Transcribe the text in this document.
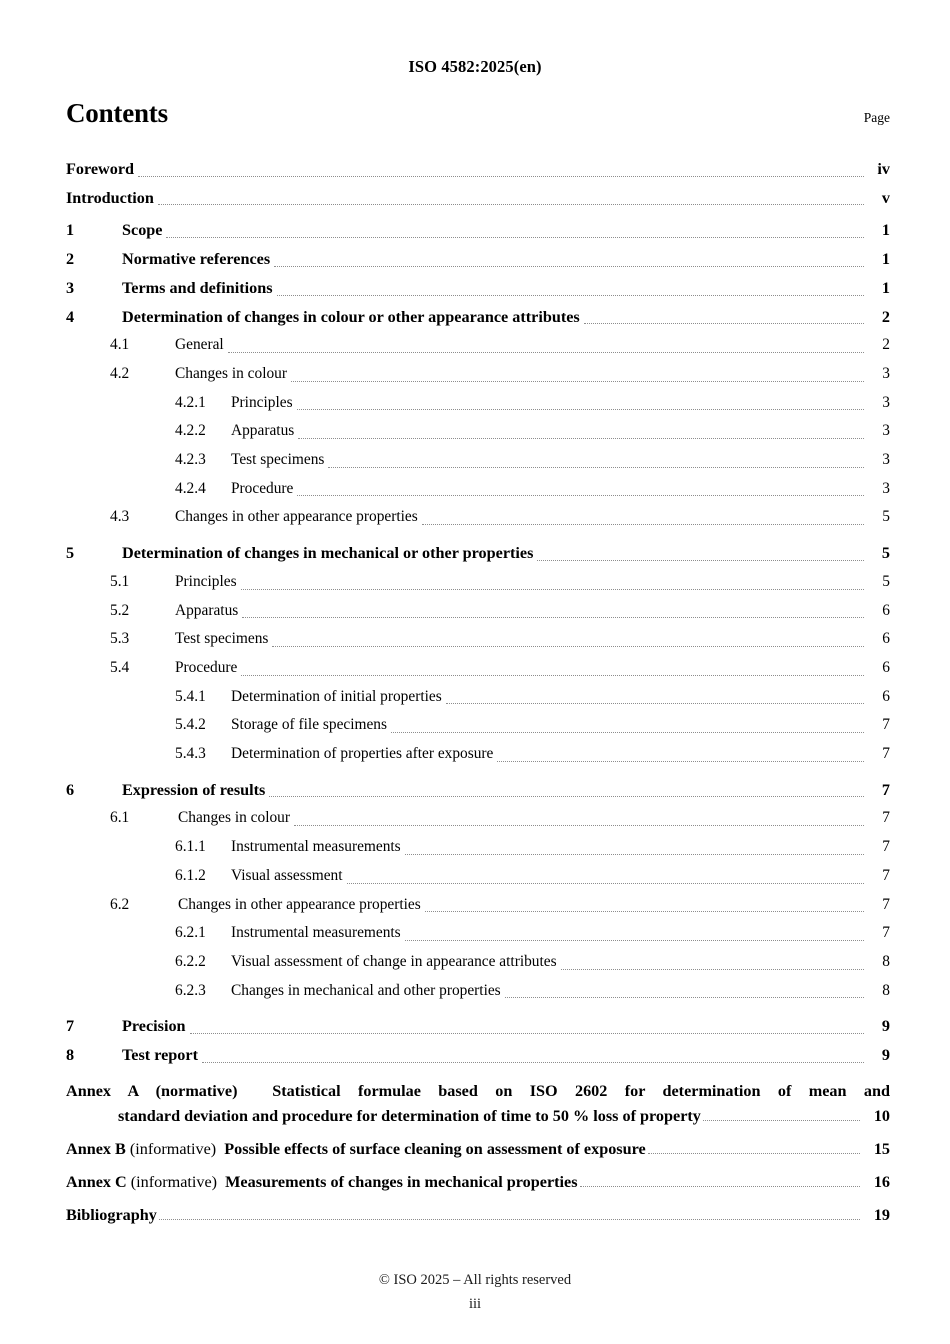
ISO 4582:2025(en)
Contents	Page
Foreword	iv
Introduction	v
1	Scope	1
2	Normative references	1
3	Terms and definitions	1
4	Determination of changes in colour or other appearance attributes	2
4.1	General	2
4.2	Changes in colour	3
4.2.1 Principles	3
4.2.2 Apparatus	3
4.2.3 Test specimens	3
4.2.4 Procedure	3
4.3	Changes in other appearance properties	5
5	Determination of changes in mechanical or other properties	5
5.1	Principles	5
5.2	Apparatus	6
5.3	Test specimens	6
5.4	Procedure	6
5.4.1 Determination of initial properties	6
5.4.2 Storage of file specimens	7
5.4.3 Determination of properties after exposure	7
6	Expression of results	7
6.1	Changes in colour	7
6.1.1 Instrumental measurements	7
6.1.2 Visual assessment	7
6.2	Changes in other appearance properties	7
6.2.1 Instrumental measurements	7
6.2.2 Visual assessment of change in appearance attributes	8
6.2.3 Changes in mechanical and other properties	8
7	Precision	9
8	Test report	9
Annex A (normative) Statistical formulae based on ISO 2602 for determination of mean and
standard deviation and procedure for determination of time to 50 % loss of property	10
Annex B (informative) Possible effects of surface cleaning on assessment of exposure	15
Annex C (informative) Measurements of changes in mechanical properties	16
Bibliography	19
© ISO 2025 – All rights reserved
iii
